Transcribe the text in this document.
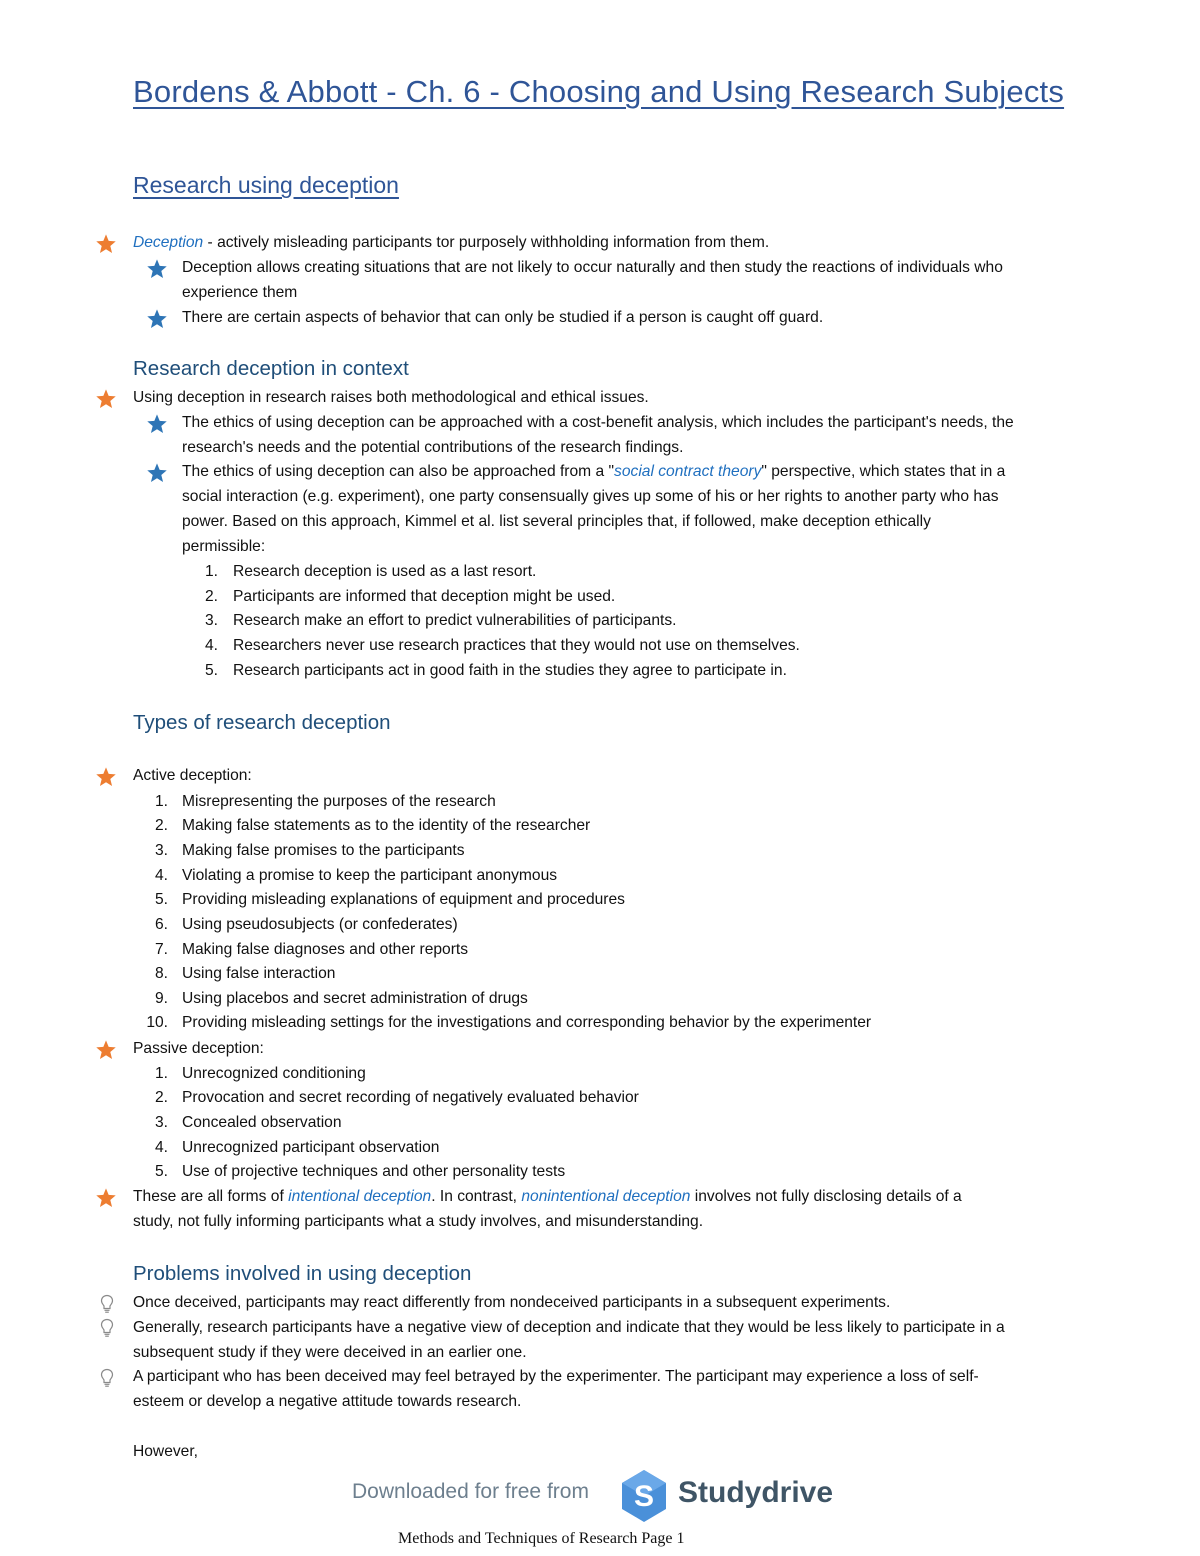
Bordens & Abbott - Ch. 6 - Choosing and Using Research Subjects
Research using deception
Deception - actively misleading participants tor purposely withholding information from them.
Deception allows creating situations that are not likely to occur naturally and then study the reactions of individuals who
experience them
There are certain aspects of behavior that can only be studied if a person is caught off guard.
Research deception in context
Using deception in research raises both methodological and ethical issues.
The ethics of using deception can be approached with a cost-benefit analysis, which includes the participant's needs, the
research's needs and the potential contributions of the research findings.
The ethics of using deception can also be approached from a "social contract theory" perspective, which states that in a
social interaction (e.g. experiment), one party consensually gives up some of his or her rights to another party who has
power. Based on this approach, Kimmel et al. list several principles that, if followed, make deception ethically
permissible:
1. Research deception is used as a last resort.
2. Participants are informed that deception might be used.
3. Research make an effort to predict vulnerabilities of participants.
4. Researchers never use research practices that they would not use on themselves.
5. Research participants act in good faith in the studies they agree to participate in.
Types of research deception
Active deception:
1. Misrepresenting the purposes of the research
2. Making false statements as to the identity of the researcher
3. Making false promises to the participants
4. Violating a promise to keep the participant anonymous
5. Providing misleading explanations of equipment and procedures
6. Using pseudosubjects (or confederates)
7. Making false diagnoses and other reports
8. Using false interaction
9. Using placebos and secret administration of drugs
10. Providing misleading settings for the investigations and corresponding behavior by the experimenter
Passive deception:
1. Unrecognized conditioning
2. Provocation and secret recording of negatively evaluated behavior
3. Concealed observation
4. Unrecognized participant observation
5. Use of projective techniques and other personality tests
These are all forms of intentional deception. In contrast, nonintentional deception involves not fully disclosing details of a
study, not fully informing participants what a study involves, and misunderstanding.
Problems involved in using deception
Once deceived, participants may react differently from nondeceived participants in a subsequent experiments.
Generally, research participants have a negative view of deception and indicate that they would be less likely to participate in a
subsequent study if they were deceived in an earlier one.
A participant who has been deceived may feel betrayed by the experimenter. The participant may experience a loss of self-
esteem or develop a negative attitude towards research.
However,
Downloaded for free from S Studydrive
Methods and Techniques of Research Page 1
